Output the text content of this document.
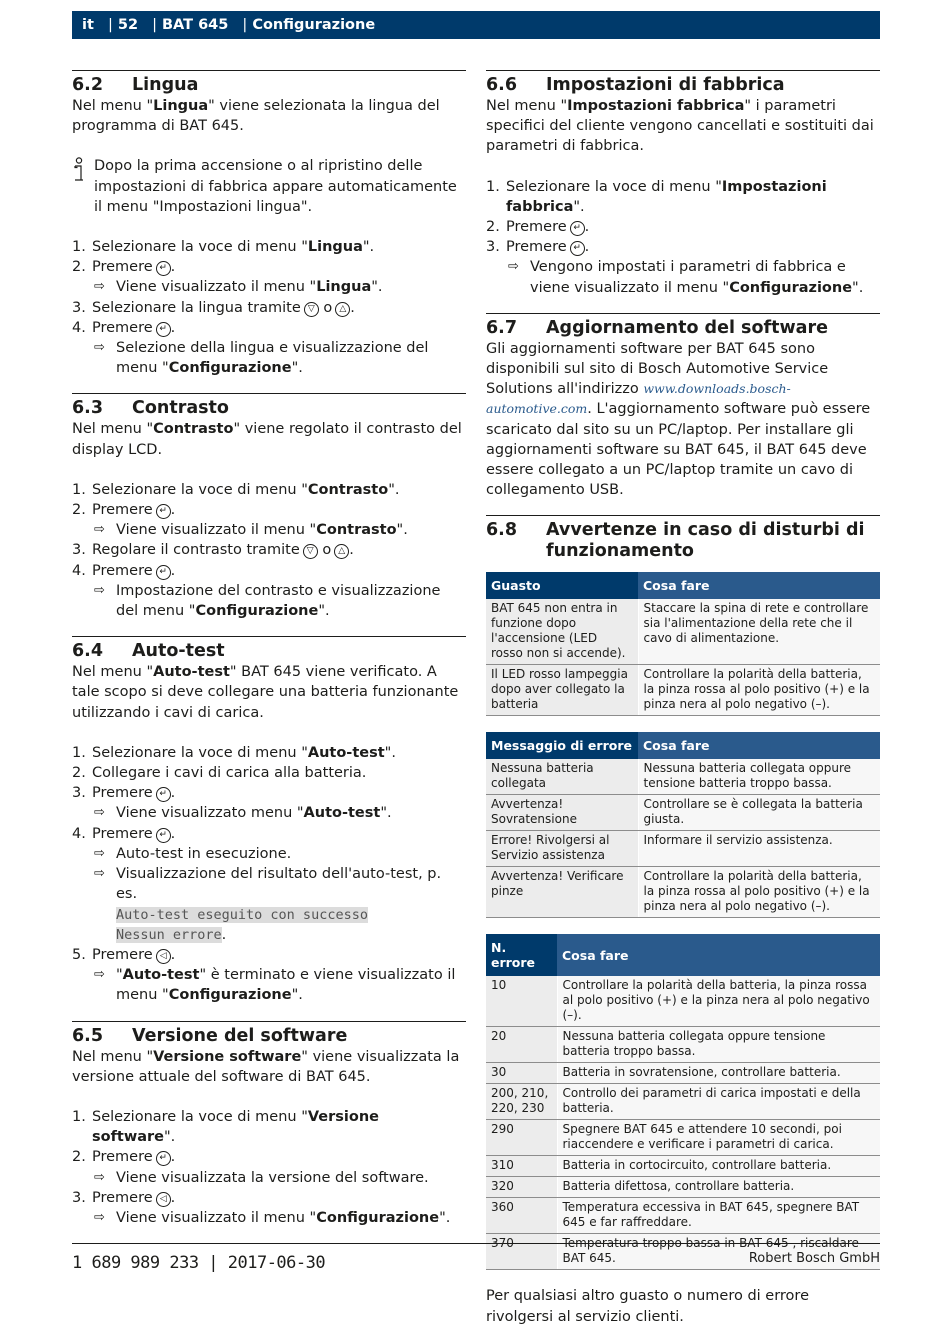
it | 52 | BAT 645 | Configurazione
6.2	Lingua

Nel menu "Lingua" viene selezionata la lingua del programma di BAT 645.

Dopo la prima accensione o al ripristino delle impostazioni di fabbrica appare automaticamente il menu "Impostazioni lingua".
1. Selezionare la voce di menu "Lingua".
2. Premere ↵ .
⇨ Viene visualizzato il menu "Lingua".
3. Selezionare la lingua tramite ▽ o △ .
4. Premere ↵ .
⇨ Selezione della lingua e visualizzazione del menu "Configurazione".
6.3	Contrasto

Nel menu "Contrasto" viene regolato il contrasto del display LCD.

1. Selezionare la voce di menu "Contrasto".
2. Premere ↵ .
⇨ Viene visualizzato il menu "Contrasto".
3. Regolare il contrasto tramite ▽ o △ .
4. Premere ↵ .
⇨ Impostazione del contrasto e visualizzazione del menu "Configurazione".
6.4	Auto-test

Nel menu "Auto-test" BAT 645 viene verificato. A tale scopo si deve collegare una batteria funzionante utilizzando i cavi di carica.

1. Selezionare la voce di menu "Auto-test".
2. Collegare i cavi di carica alla batteria.
3. Premere ↵ .
⇨ Viene visualizzato menu "Auto-test".
4. Premere ↵ .
⇨ Auto-test in esecuzione.
⇨ Visualizzazione del risultato dell'auto-test, p. es.
Auto-test eseguito con successo
Nessun errore.
5. Premere ◁ .
⇨ "Auto-test" è terminato e viene visualizzato il menu "Configurazione".
6.5	Versione del software

Nel menu "Versione software" viene visualizzata la versione attuale del software di BAT 645.

1. Selezionare la voce di menu "Versione software".
2. Premere ↵ .
⇨ Viene visualizzata la versione del software.
3. Premere ◁ .
⇨ Viene visualizzato il menu "Configurazione".
6.6	Impostazioni di fabbrica

Nel menu "Impostazioni fabbrica" i parametri specifici del cliente vengono cancellati e sostituiti dai parametri di fabbrica.

1. Selezionare la voce di menu "Impostazioni fabbrica".
2. Premere ↵ .
3. Premere ↵ .
⇨ Vengono impostati i parametri di fabbrica e viene visualizzato il menu "Configurazione".
6.7	Aggiornamento del software

Gli aggiornamenti software per BAT 645 sono disponibili sul sito di Bosch Automotive Service Solutions all'indirizzo www.downloads.bosch-automotive.com. L'aggiornamento software può essere scaricato dal sito su un PC/laptop. Per installare gli aggiornamenti software su BAT 645, il BAT 645 deve essere collegato a un PC/laptop tramite un cavo di collegamento USB.

6.8	Avvertenze in caso di disturbi di funzionamento
Guasto	Cosa fare
BAT 645 non entra in funzione dopo l'accensione (LED rosso non si accende).	Staccare la spina di rete e controllare sia l'alimentazione della rete che il cavo di alimentazione.
Il LED rosso lampeggia dopo aver collegato la batteria	Controllare la polarità della batteria, la pinza rossa al polo positivo (+) e la pinza nera al polo negativo (–).
Messaggio di errore	Cosa fare
Nessuna batteria collegata	Nessuna batteria collegata oppure tensione batteria troppo bassa.
Avvertenza! Sovratensione	Controllare se è collegata la batteria giusta.
Errore! Rivolgersi al Servizio assistenza	Informare il servizio assistenza.
Avvertenza! Verificare pinze	Controllare la polarità della batteria, la pinza rossa al polo positivo (+) e la pinza nera al polo negativo (–).
N. errore	Cosa fare
10	Controllare la polarità della batteria, la pinza rossa al polo positivo (+) e la pinza nera al polo negativo (–).
20	Nessuna batteria collegata oppure tensione batteria troppo bassa.
30	Batteria in sovratensione, controllare batteria.
200, 210, 220, 230	Controllo dei parametri di carica impostati e della batteria.
290	Spegnere BAT 645 e attendere 10 secondi, poi riaccendere e verificare i parametri di carica.
310	Batteria in cortocircuito, controllare batteria.
320	Batteria difettosa, controllare batteria.
360	Temperatura eccessiva in BAT 645, spegnere BAT 645 e far raffreddare.
370	Temperatura troppo bassa in BAT 645 , riscaldare BAT 645.

Per qualsiasi altro guasto o numero di errore rivolgersi al servizio clienti.

1 689 989 233 | 2017-06-30	Robert Bosch GmbH
